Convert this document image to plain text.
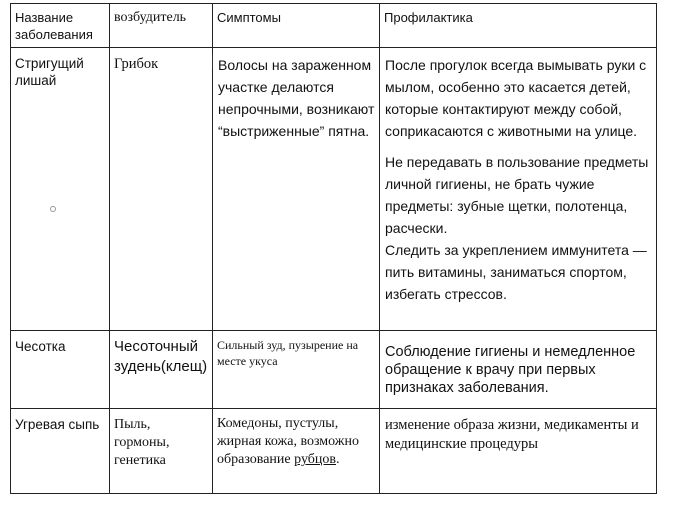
Название заболевания	возбудитель	Симптомы	Профилактика

Стригущий лишай	Грибок	Волосы на зараженном участке делаются непрочными, возникают “выстриженные” пятна.	После прогулок всегда вымывать руки с мылом, особенно это касается детей, которые контактируют между собой, соприкасаются с животными на улице.

Не передавать в пользование предметы личной гигиены, не брать чужие предметы: зубные щетки, полотенца, расчески.

Следить за укреплением иммунитета — пить витамины, заниматься спортом, избегать стрессов.

Чесотка	Чесоточный зудень(клещ)	Сильный зуд, пузырение на месте укуса	Соблюдение гигиены и немедленное обращение к врачу при первых признаках заболевания.

Угревая сыпь	Пыль, гормоны, генетика	Комедоны, пустулы, жирная кожа, возможно образование рубцов.	изменение образа жизни, медикаменты и медицинские процедуры
